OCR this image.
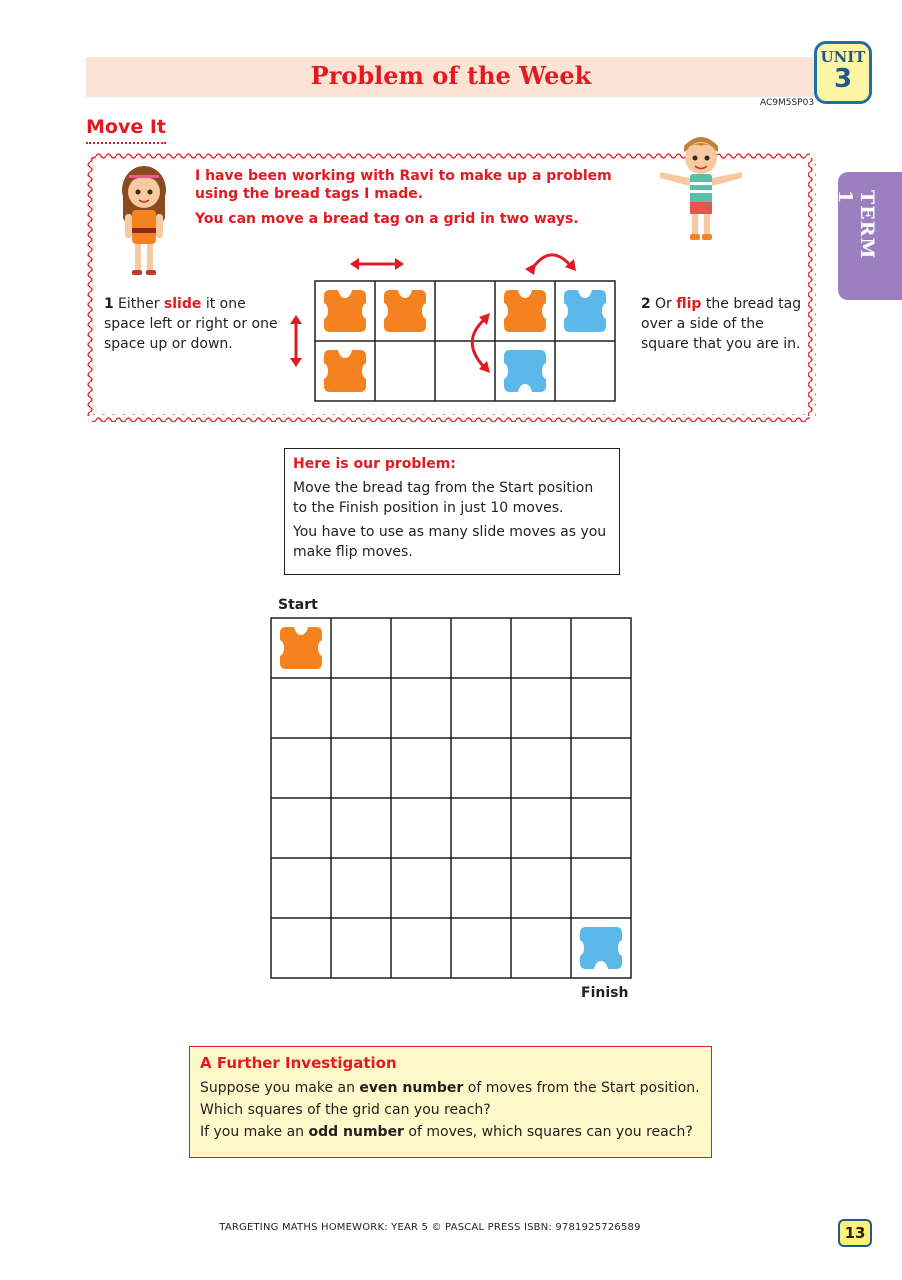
Problem of the Week
UNIT
3
AC9M5SP03
TERM 1
Move It
I have been working with Ravi to make up a problem
using the bread tags I made.
You can move a bread tag on a grid in two ways.
1 Either slide it one space left or right or one space up or down.
2 Or flip the bread tag over a side of the square that you are in.
Here is our problem:
Move the bread tag from the Start position to the Finish position in just 10 moves.
You have to use as many slide moves as you make flip moves.
Start
Finish
A Further Investigation
Suppose you make an even number of moves from the Start position.
Which squares of the grid can you reach?
If you make an odd number of moves, which squares can you reach?
TARGETING MATHS HOMEWORK: YEAR 5 © PASCAL PRESS ISBN: 9781925726589	13
